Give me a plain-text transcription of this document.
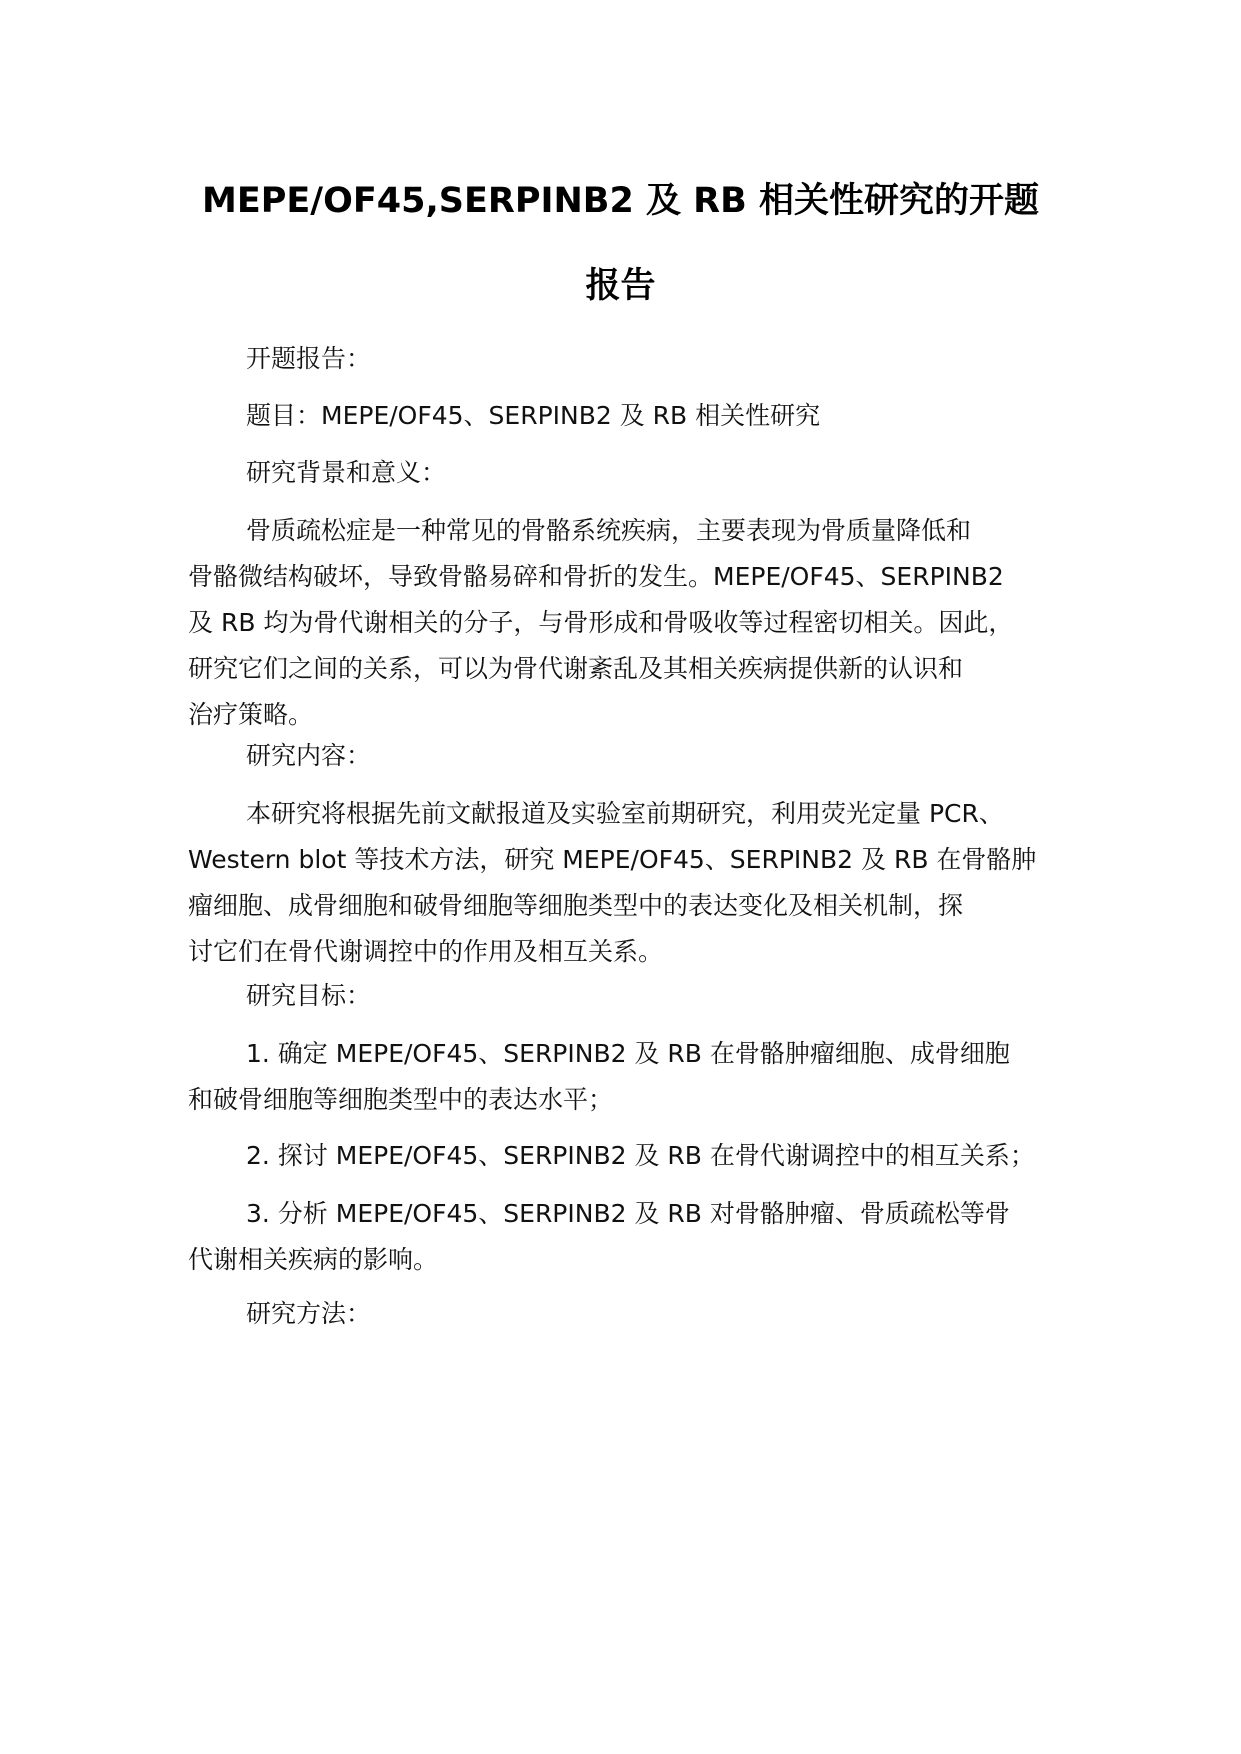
MEPE/OF45,SERPINB2 及 RB 相关性研究的开题
报告
开题报告：
题目：MEPE/OF45、SERPINB2 及 RB 相关性研究
研究背景和意义：
骨质疏松症是一种常见的骨骼系统疾病，主要表现为骨质量降低和
骨骼微结构破坏，导致骨骼易碎和骨折的发生。MEPE/OF45、SERPINB2
及 RB 均为骨代谢相关的分子，与骨形成和骨吸收等过程密切相关。因此，
研究它们之间的关系，可以为骨代谢紊乱及其相关疾病提供新的认识和
治疗策略。
研究内容：
本研究将根据先前文献报道及实验室前期研究，利用荧光定量 PCR、
Western blot 等技术方法，研究 MEPE/OF45、SERPINB2 及 RB 在骨骼肿
瘤细胞、成骨细胞和破骨细胞等细胞类型中的表达变化及相关机制，探
讨它们在骨代谢调控中的作用及相互关系。
研究目标：
1. 确定 MEPE/OF45、SERPINB2 及 RB 在骨骼肿瘤细胞、成骨细胞
和破骨细胞等细胞类型中的表达水平；
2. 探讨 MEPE/OF45、SERPINB2 及 RB 在骨代谢调控中的相互关系；
3. 分析 MEPE/OF45、SERPINB2 及 RB 对骨骼肿瘤、骨质疏松等骨
代谢相关疾病的影响。
研究方法：
